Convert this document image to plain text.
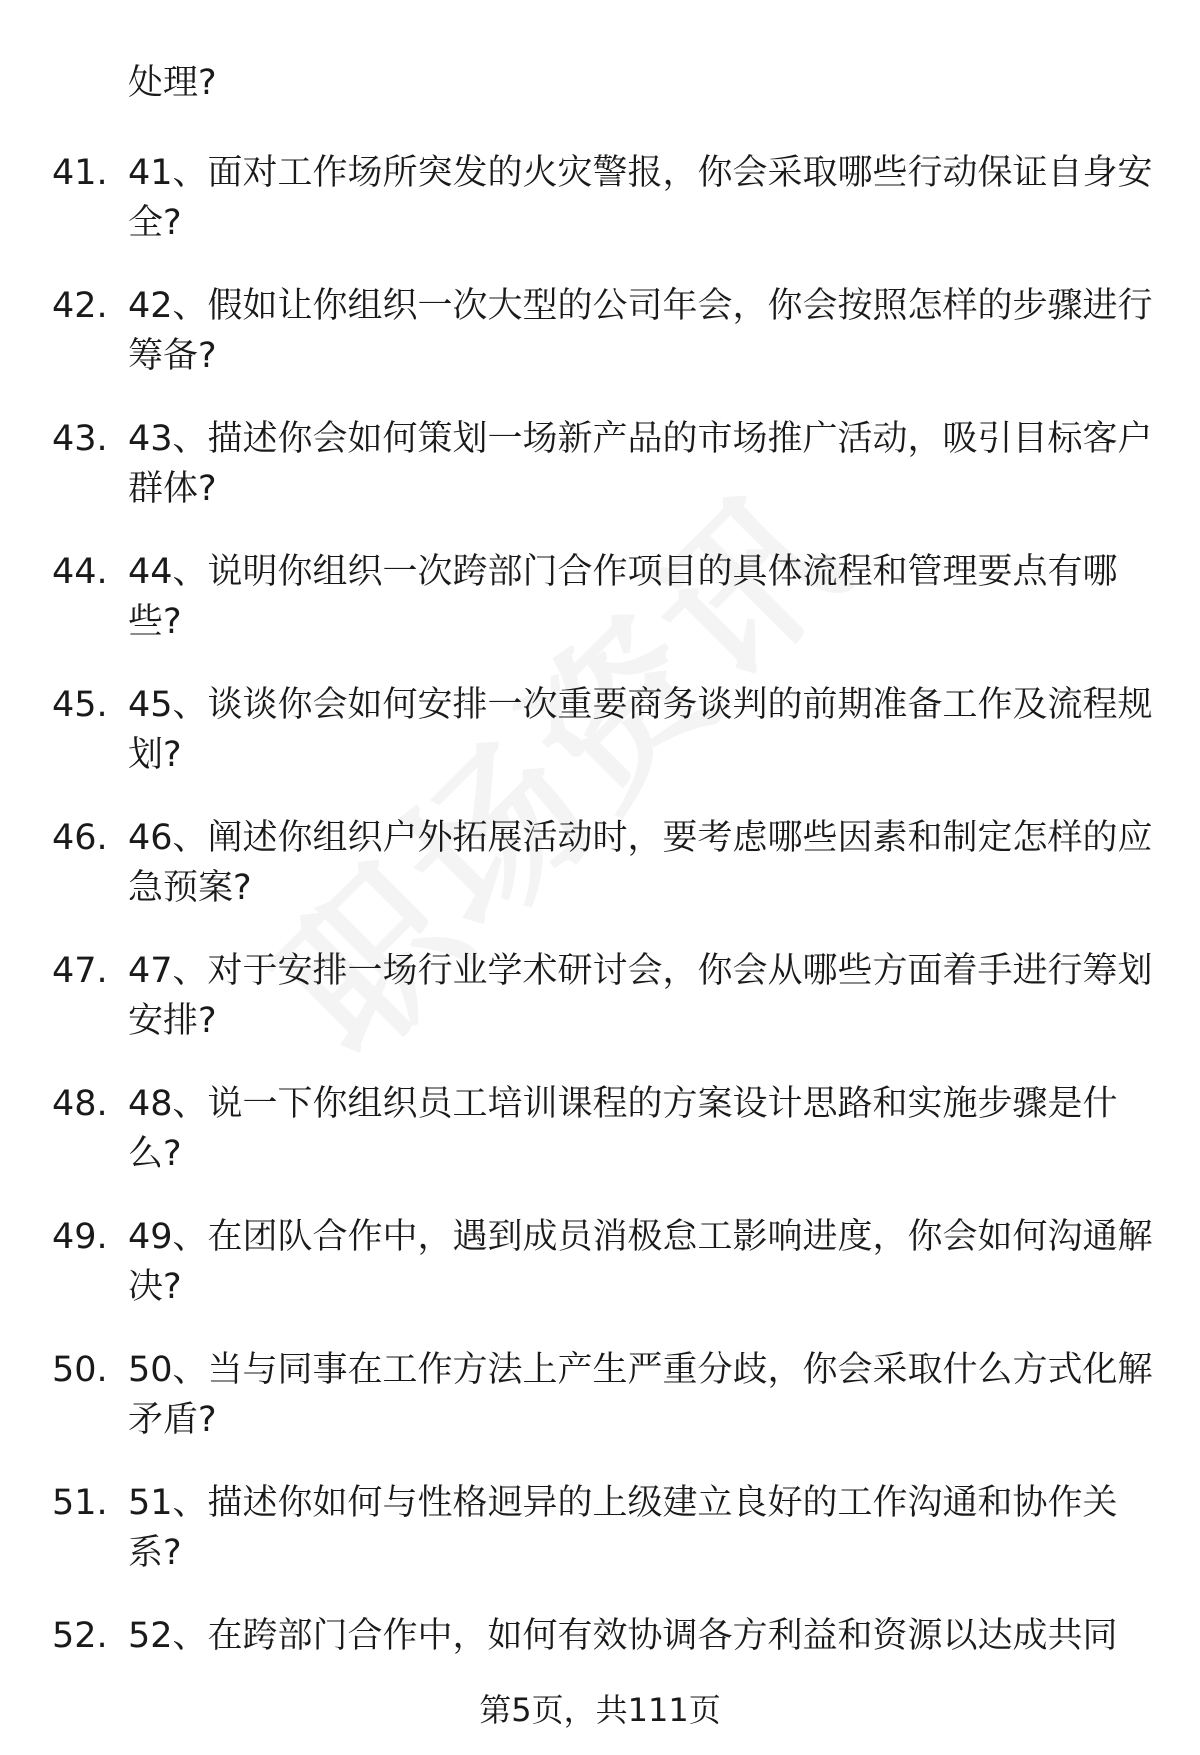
处理?
41. 41、面对工作场所突发的火灾警报，你会采取哪些行动保证自身安全?
42. 42、假如让你组织一次大型的公司年会，你会按照怎样的步骤进行筹备?
43. 43、描述你会如何策划一场新产品的市场推广活动，吸引目标客户群体?
44. 44、说明你组织一次跨部门合作项目的具体流程和管理要点有哪些?
45. 45、谈谈你会如何安排一次重要商务谈判的前期准备工作及流程规划?
46. 46、阐述你组织户外拓展活动时，要考虑哪些因素和制定怎样的应急预案?
47. 47、对于安排一场行业学术研讨会，你会从哪些方面着手进行筹划安排?
48. 48、说一下你组织员工培训课程的方案设计思路和实施步骤是什么?
49. 49、在团队合作中，遇到成员消极怠工影响进度，你会如何沟通解决?
50. 50、当与同事在工作方法上产生严重分歧，你会采取什么方式化解矛盾?
51. 51、描述你如何与性格迥异的上级建立良好的工作沟通和协作关系?
52. 52、在跨部门合作中，如何有效协调各方利益和资源以达成共同
第5页，共111页
